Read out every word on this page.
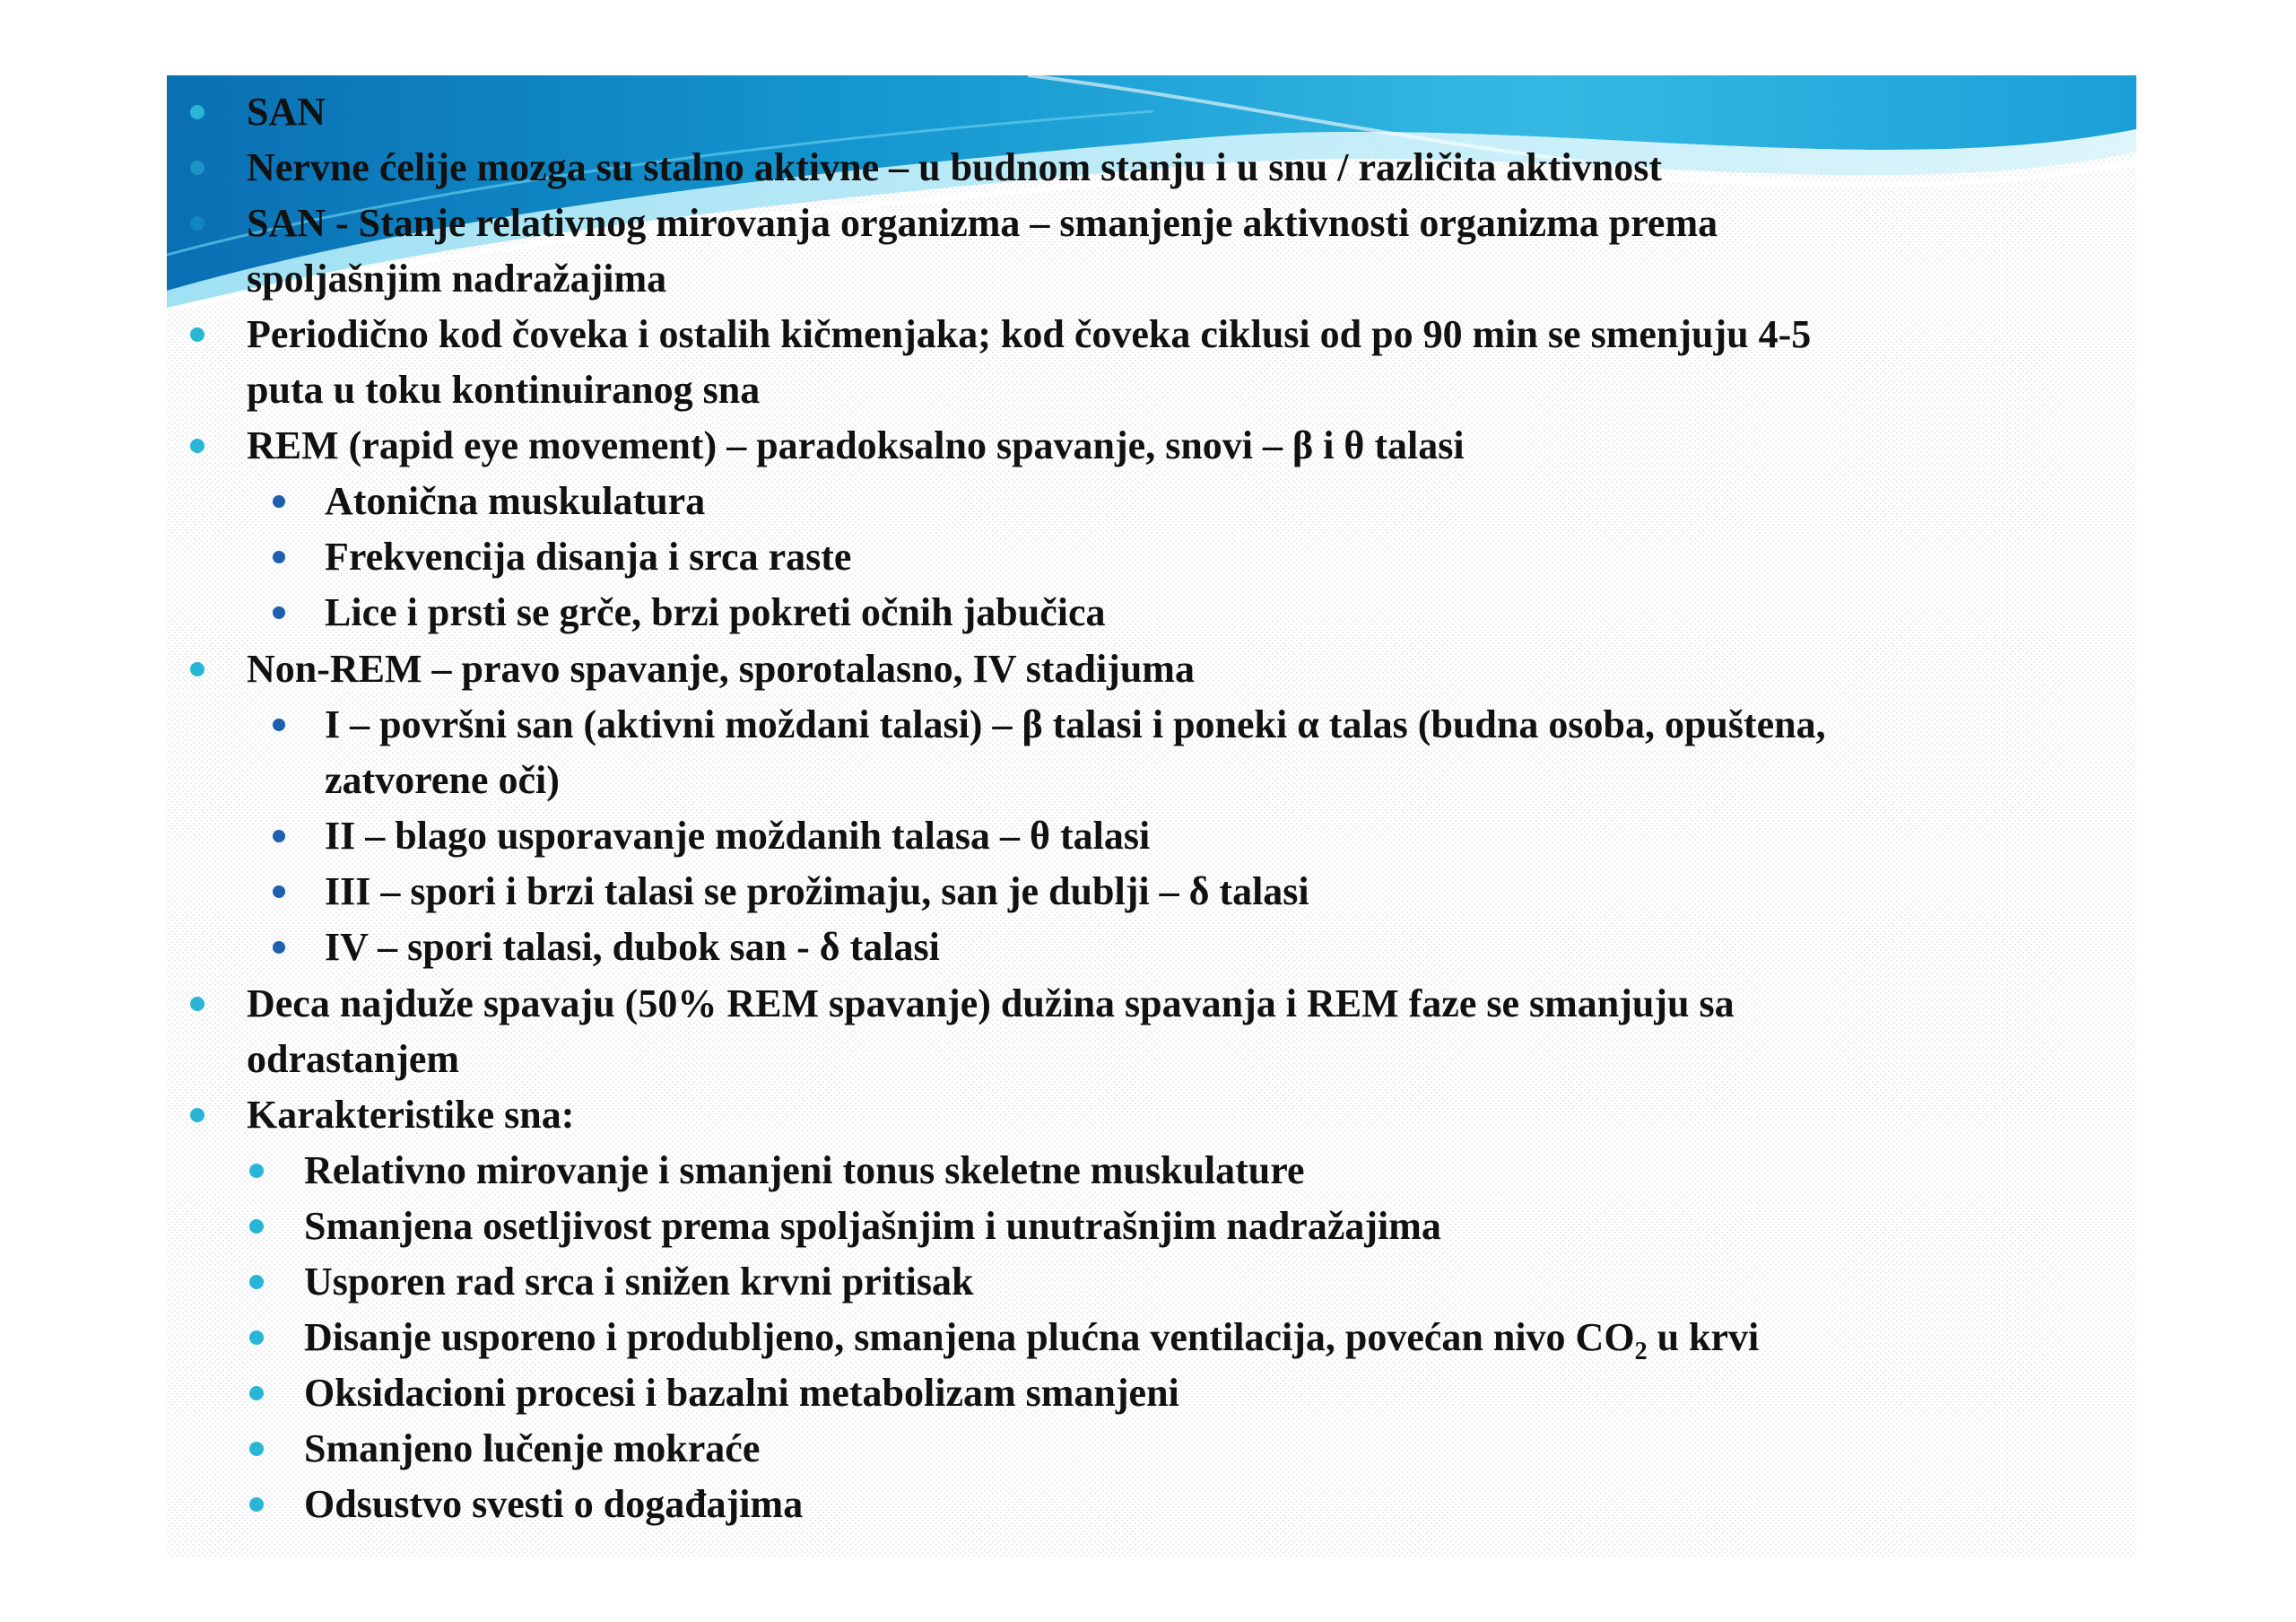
SAN
Nervne ćelije mozga su stalno aktivne – u budnom stanju i u snu / različita aktivnost
SAN - Stanje relativnog mirovanja organizma – smanjenje aktivnosti organizma prema
spoljašnjim nadražajima
Periodično kod čoveka i ostalih kičmenjaka; kod čoveka ciklusi od po 90 min se smenjuju 4-5
puta u toku kontinuiranog sna
REM (rapid eye movement) – paradoksalno spavanje, snovi – β i θ talasi
Atonična muskulatura
Frekvencija disanja i srca raste
Lice i prsti se grče, brzi pokreti očnih jabučica
Non-REM – pravo spavanje, sporotalasno, IV stadijuma
I – površni san (aktivni moždani talasi) – β talasi i poneki α talas (budna osoba, opuštena,
zatvorene oči)
II – blago usporavanje moždanih talasa – θ talasi
III – spori i brzi talasi se prožimaju, san je dublji – δ talasi
IV – spori talasi, dubok san - δ talasi
Deca najduže spavaju (50% REM spavanje) dužina spavanja i REM faze se smanjuju sa
odrastanjem
Karakteristike sna:
Relativno mirovanje i smanjeni tonus skeletne muskulature
Smanjena osetljivost prema spoljašnjim i unutrašnjim nadražajima
Usporen rad srca i snižen krvni pritisak
Disanje usporeno i produbljeno, smanjena plućna ventilacija, povećan nivo $CO_2$ u krvi
Oksidacioni procesi i bazalni metabolizam smanjeni
Smanjeno lučenje mokraće
Odsustvo svesti o događajima
